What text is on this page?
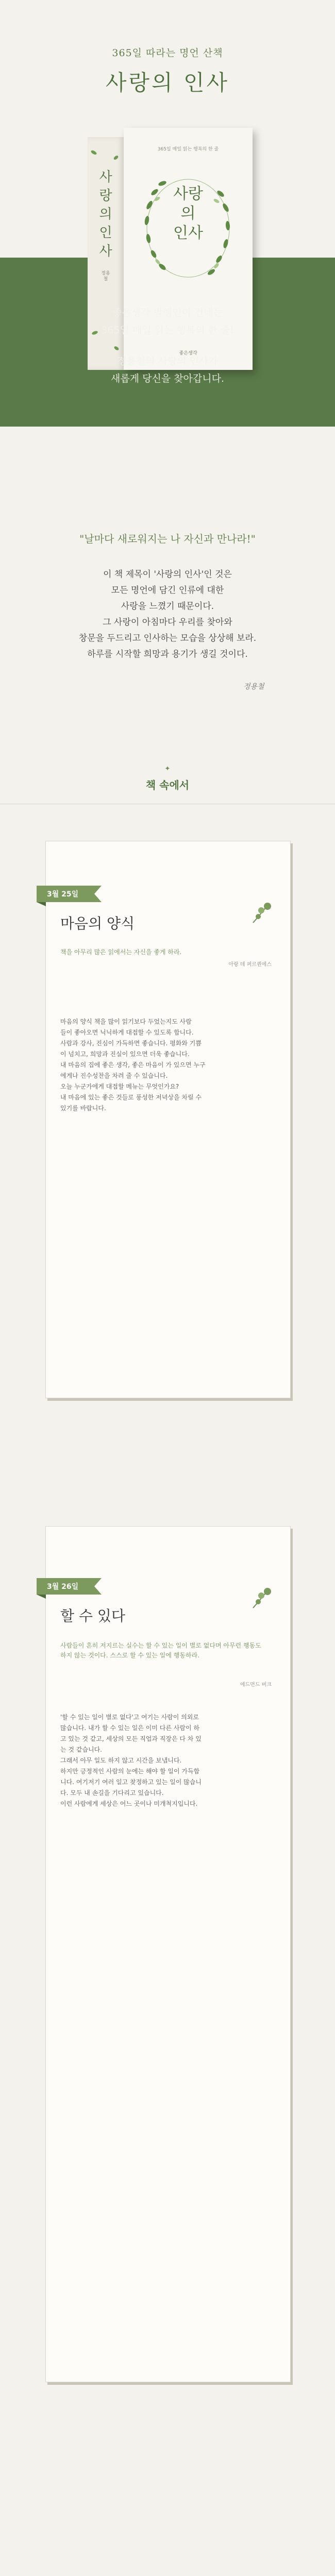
365일 따라는 명언 산책
사랑의 인사
사랑의 인사
정용철
365일 매일 읽는 행복의 한 줄
사랑의 인사
좋은생각
좋은생각 발행인이 건네는
365일 매일 읽는 행복의 한 줄!
정용철의 사랑의 인사가
새롭게 당신을 찾아갑니다.
"날마다 새로워지는 나 자신과 만나라!"
이 책 제목이 '사랑의 인사'인 것은
모든 명언에 담긴 인류에 대한
사랑을 느꼈기 때문이다.
그 사랑이 아침마다 우리를 찾아와
창문을 두드리고 인사하는 모습을 상상해 보라.
하루를 시작할 희망과 용기가 생길 것이다.
정용철
✦
책 속에서
3월 25일
마음의 양식
책을 아무리 많은 읽에서는 자신을 좋게 하라.
아랑 데 퍼르퀀에스
마음의 양식 책을 많이 읽기보다 두었는지도 사람
들이 좋아오면 닉닉하게 대접할 수 있도록 합니다.
사람과 강사, 진심이 가득하면 좋습니다. 평화와 기쁨
이 넘치고, 희망과 진실이 있으면 더욱 좋습니다.
내 마음의 집에 좋은 생각, 좋은 마음이 가 있으면 누구
에게나 진수성찬을 차려 줄 수 있습니다.
오늘 누군가에게 대접할 메뉴는 무엇인가요?
내 마음에 있는 좋은 것들로 풍성한 저녁상을 차릴 수
있기를 바랍니다.
3월 26일
할 수 있다
사람들이 흔히 저지르는 실수는 할 수 있는 일이 별로 없다며 아무런 행동도 하지 않는 것이다. 스스로 할 수 있는 일에 행동하라.
에드먼드 버크
'할 수 있는 일이 별로 없다'고 여기는 사람이 의외로
많습니다. 내가 할 수 있는 일은 이미 다른 사람이 하
고 있는 것 같고, 세상의 모든 직업과 직장은 다 차 있
는 것 같습니다.
그래서 아무 일도 하지 않고 시간을 보냅니다.
하지만 긍정적인 사람의 눈에는 해야 할 일이 가득합
니다. 여기저기 여러 일고 찾정하고 있는 일이 많습니
다. 모두 내 손길을 기다리고 있습니다.
이런 사람에게 세상은 어느 곳이나 미개척지입니다.
